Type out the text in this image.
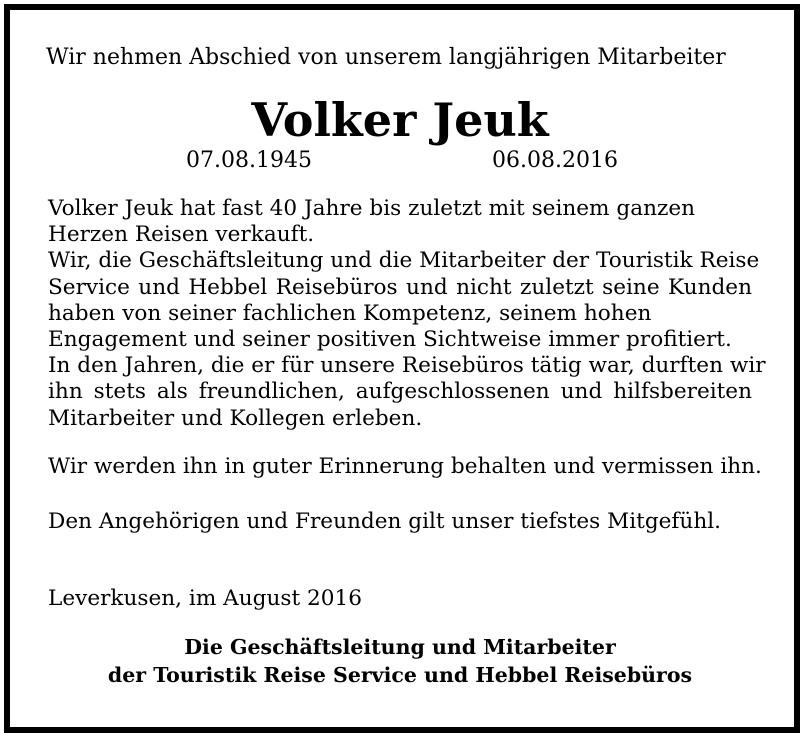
Wir nehmen Abschied von unserem langjährigen Mitarbeiter
Volker Jeuk
07.08.1945	06.08.2016
Volker Jeuk hat fast 40 Jahre bis zuletzt mit seinem ganzen
Herzen Reisen verkauft.
Wir, die Geschäftsleitung und die Mitarbeiter der Touristik Reise
Service und Hebbel Reisebüros und nicht zuletzt seine Kunden
haben von seiner fachlichen Kompetenz, seinem hohen
Engagement und seiner positiven Sichtweise immer profitiert.
In den Jahren, die er für unsere Reisebüros tätig war, durften wir
ihn stets als freundlichen, aufgeschlossenen und hilfsbereiten
Mitarbeiter und Kollegen erleben.
Wir werden ihn in guter Erinnerung behalten und vermissen ihn.
Den Angehörigen und Freunden gilt unser tiefstes Mitgefühl.
Leverkusen, im August 2016
Die Geschäftsleitung und Mitarbeiter
der Touristik Reise Service und Hebbel Reisebüros
